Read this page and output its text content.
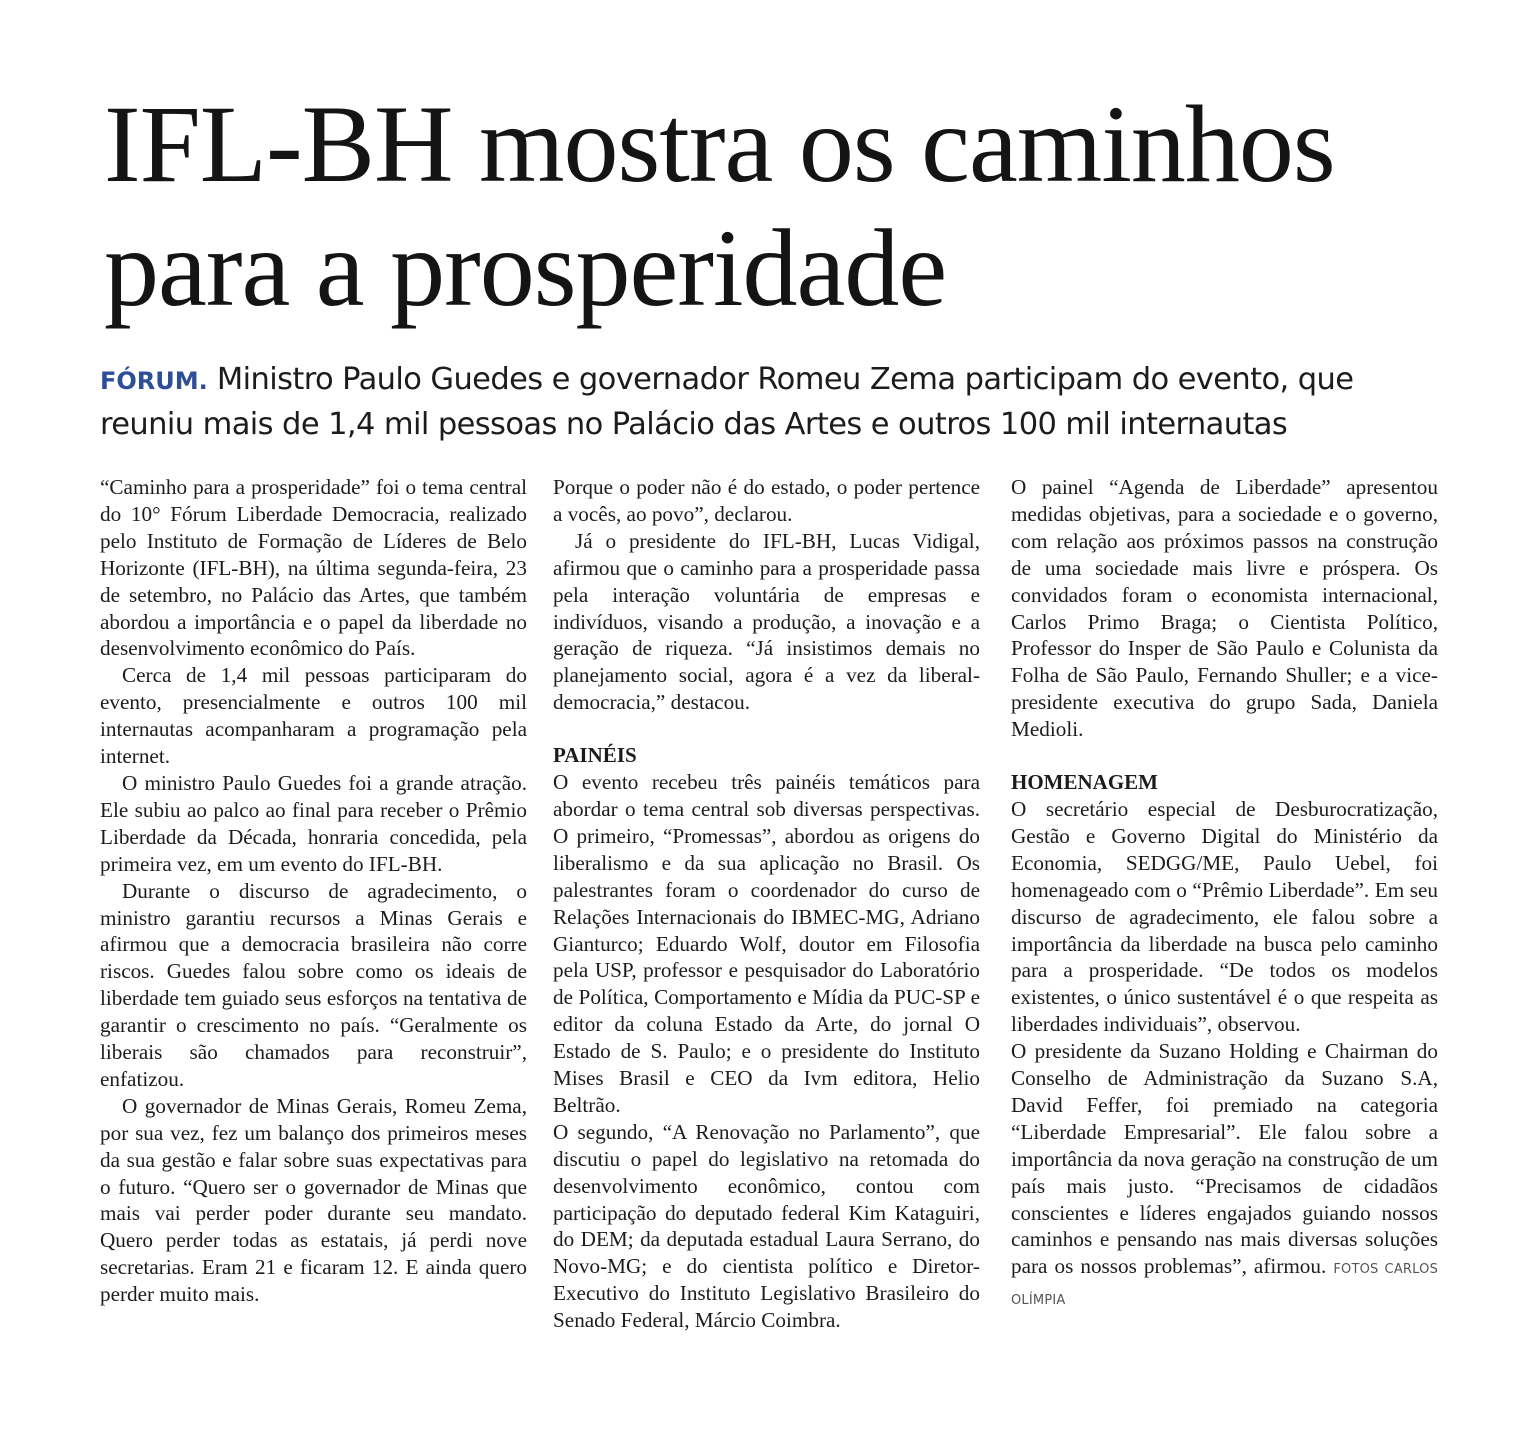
IFL-BH mostra os caminhos para a prosperidade

FÓRUM. Ministro Paulo Guedes e governador Romeu Zema participam do evento, que reuniu mais de 1,4 mil pessoas no Palácio das Artes e outros 100 mil internautas

“Caminho para a prosperidade” foi o tema central do 10° Fórum Liberdade Democracia, realizado pelo Instituto de Formação de Líderes de Belo Horizonte (IFL-BH), na última segunda-feira, 23 de setembro, no Palácio das Artes, que também abordou a importância e o papel da liberdade no desenvolvimento econômico do País.

Cerca de 1,4 mil pessoas participaram do evento, presencialmente e outros 100 mil internautas acompanharam a programação pela internet.

O ministro Paulo Guedes foi a grande atração. Ele subiu ao palco ao final para receber o Prêmio Liberdade da Década, honraria concedida, pela primeira vez, em um evento do IFL-BH.

Durante o discurso de agradecimento, o ministro garantiu recursos a Minas Gerais e afirmou que a democracia brasileira não corre riscos. Guedes falou sobre como os ideais de liberdade tem guiado seus esforços na tentativa de garantir o crescimento no país. “Geralmente os liberais são chamados para reconstruir”, enfatizou.

O governador de Minas Gerais, Romeu Zema, por sua vez, fez um balanço dos primeiros meses da sua gestão e falar sobre suas expectativas para o futuro. “Quero ser o governador de Minas que mais vai perder poder durante seu mandato. Quero perder todas as estatais, já perdi nove secretarias. Eram 21 e ficaram 12. E ainda quero perder muito mais.

Porque o poder não é do estado, o poder pertence a vocês, ao povo”, declarou.

Já o presidente do IFL-BH, Lucas Vidigal, afirmou que o caminho para a prosperidade passa pela interação voluntária de empresas e indivíduos, visando a produção, a inovação e a geração de riqueza. “Já insistimos demais no planejamento social, agora é a vez da liberal-democracia,” destacou.

PAINÉIS

O evento recebeu três painéis temáticos para abordar o tema central sob diversas perspectivas. O primeiro, “Promessas”, abordou as origens do liberalismo e da sua aplicação no Brasil. Os palestrantes foram o coordenador do curso de Relações Internacionais do IBMEC-MG, Adriano Gianturco; Eduardo Wolf, doutor em Filosofia pela USP, professor e pesquisador do Laboratório de Política, Comportamento e Mídia da PUC-SP e editor da coluna Estado da Arte, do jornal O Estado de S. Paulo; e o presidente do Instituto Mises Brasil e CEO da Ivm editora, Helio Beltrão.

O segundo, “A Renovação no Parlamento”, que discutiu o papel do legislativo na retomada do desenvolvimento econômico, contou com participação do deputado federal Kim Kataguiri, do DEM; da deputada estadual Laura Serrano, do Novo-MG; e do cientista político e Diretor-Executivo do Instituto Legislativo Brasileiro do Senado Federal, Márcio Coimbra.

O painel “Agenda de Liberdade” apresentou medidas objetivas, para a sociedade e o governo, com relação aos próximos passos na construção de uma sociedade mais livre e próspera. Os convidados foram o economista internacional, Carlos Primo Braga; o Cientista Político, Professor do Insper de São Paulo e Colunista da Folha de São Paulo, Fernando Shuller; e a vice-presidente executiva do grupo Sada, Daniela Medioli.

HOMENAGEM

O secretário especial de Desburocratização, Gestão e Governo Digital do Ministério da Economia, SEDGG/ME, Paulo Uebel, foi homenageado com o “Prêmio Liberdade”. Em seu discurso de agradecimento, ele falou sobre a importância da liberdade na busca pelo caminho para a prosperidade. “De todos os modelos existentes, o único sustentável é o que respeita as liberdades individuais”, observou.

O presidente da Suzano Holding e Chairman do Conselho de Administração da Suzano S.A, David Feffer, foi premiado na categoria “Liberdade Empresarial”. Ele falou sobre a importância da nova geração na construção de um país mais justo. “Precisamos de cidadãos conscientes e líderes engajados guiando nossos caminhos e pensando nas mais diversas soluções para os nossos problemas”, afirmou. FOTOS CARLOS OLÍMPIA
